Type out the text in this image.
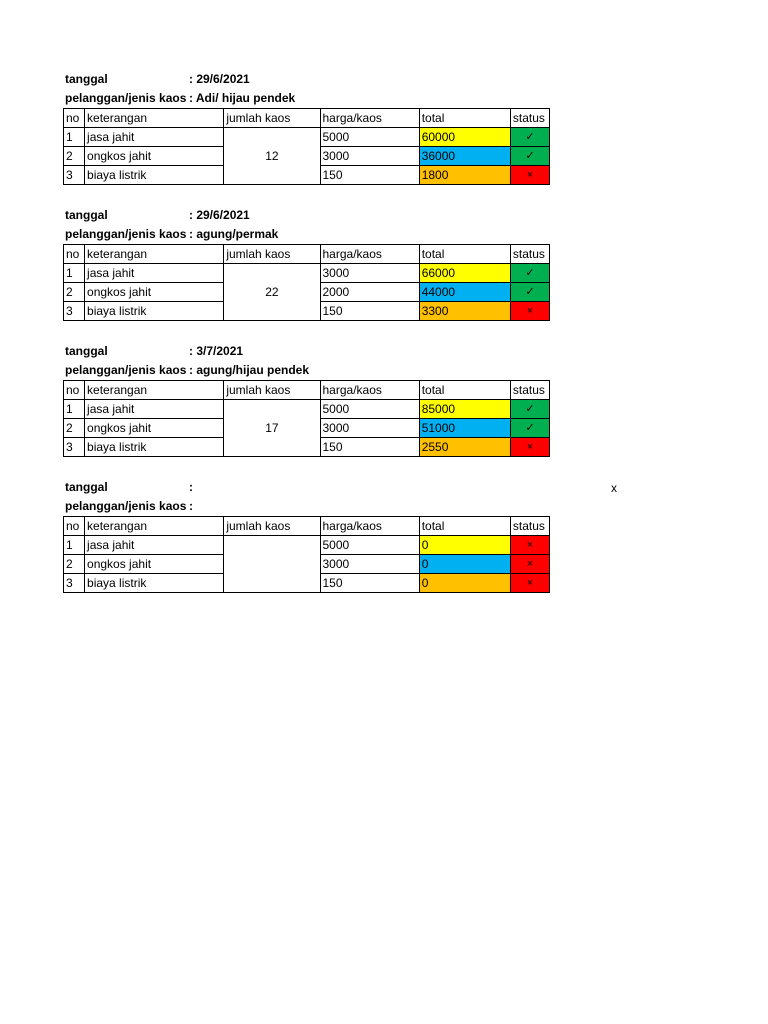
tanggal	: 29/6/2021
pelanggan/jenis kaos : Adi/ hijau pendek
no	keterangan	jumlah kaos	harga/kaos	total	status
1	jasa jahit	12	5000	60000	✓
2	ongkos jahit		3000	36000	✓
3	biaya listrik		150	1800	×
tanggal	: 29/6/2021
pelanggan/jenis kaos : agung/permak
no	keterangan	jumlah kaos	harga/kaos	total	status
1	jasa jahit	22	3000	66000	✓
2	ongkos jahit		2000	44000	✓
3	biaya listrik		150	3300	×
tanggal	: 3/7/2021
pelanggan/jenis kaos : agung/hijau pendek
no	keterangan	jumlah kaos	harga/kaos	total	status
1	jasa jahit	17	5000	85000	✓
2	ongkos jahit		3000	51000	✓
3	biaya listrik		150	2550	×
tanggal	:
pelanggan/jenis kaos :
no	keterangan	jumlah kaos	harga/kaos	total	status
1	jasa jahit		5000	0	×
2	ongkos jahit		3000	0	×
3	biaya listrik		150	0	×
x
